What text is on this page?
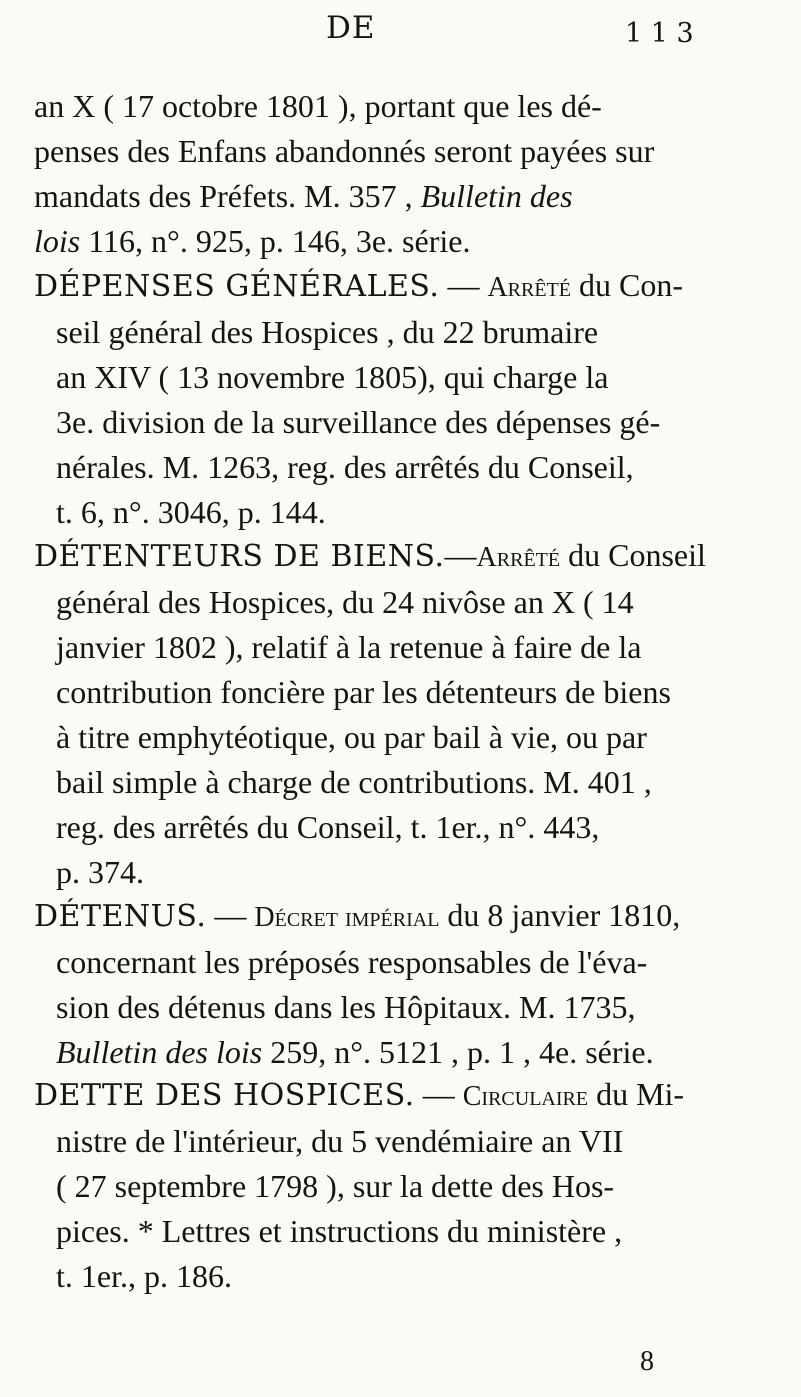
DE	1 1 3
an X ( 17 octobre 1801 ), portant que les dé-
penses des Enfans abandonnés seront payées sur
mandats des Préfets. M. 357 , Bulletin des
lois 116, n°. 925, p. 146, 3e. série.
DÉPENSES GÉNÉRALES. — Arrêté du Con-
seil général des Hospices , du 22 brumaire
an XIV ( 13 novembre 1805), qui charge la
3e. division de la surveillance des dépenses gé-
nérales. M. 1263, reg. des arrêtés du Conseil,
t. 6, n°. 3046, p. 144.
DÉTENTEURS DE BIENS.—Arrêté du Conseil
général des Hospices, du 24 nivôse an X ( 14
janvier 1802 ), relatif à la retenue à faire de la
contribution foncière par les détenteurs de biens
à titre emphytéotique, ou par bail à vie, ou par
bail simple à charge de contributions. M. 401 ,
reg. des arrêtés du Conseil, t. 1er., n°. 443,
p. 374.
DÉTENUS. — Décret impérial du 8 janvier 1810,
concernant les préposés responsables de l'éva-
sion des détenus dans les Hôpitaux. M. 1735,
Bulletin des lois 259, n°. 5121 , p. 1 , 4e. série.
DETTE DES HOSPICES. — Circulaire du Mi-
nistre de l'intérieur, du 5 vendémiaire an VII
( 27 septembre 1798 ), sur la dette des Hos-
pices. * Lettres et instructions du ministère ,
t. 1er., p. 186.
8
